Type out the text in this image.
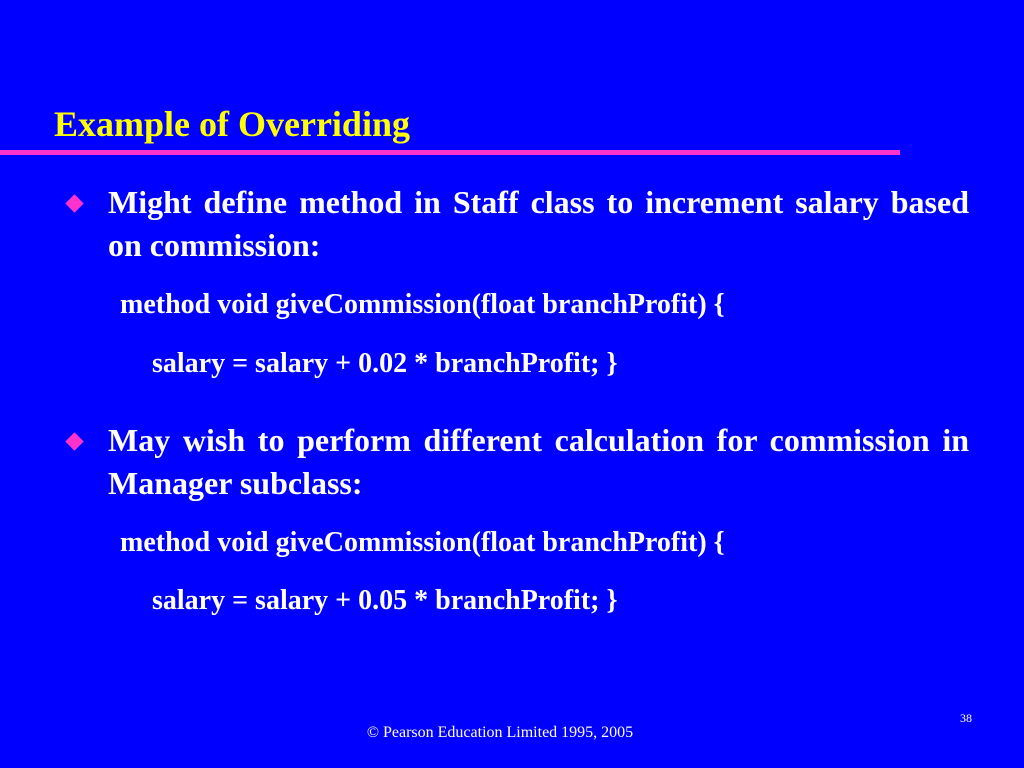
Example of Overriding
Might define method in Staff class to increment salary based on commission:
method void giveCommission(float branchProfit) {
salary = salary + 0.02 * branchProfit; }
May wish to perform different calculation for commission in Manager subclass:
method void giveCommission(float branchProfit) {
salary = salary + 0.05 * branchProfit; }
38
© Pearson Education Limited 1995, 2005
